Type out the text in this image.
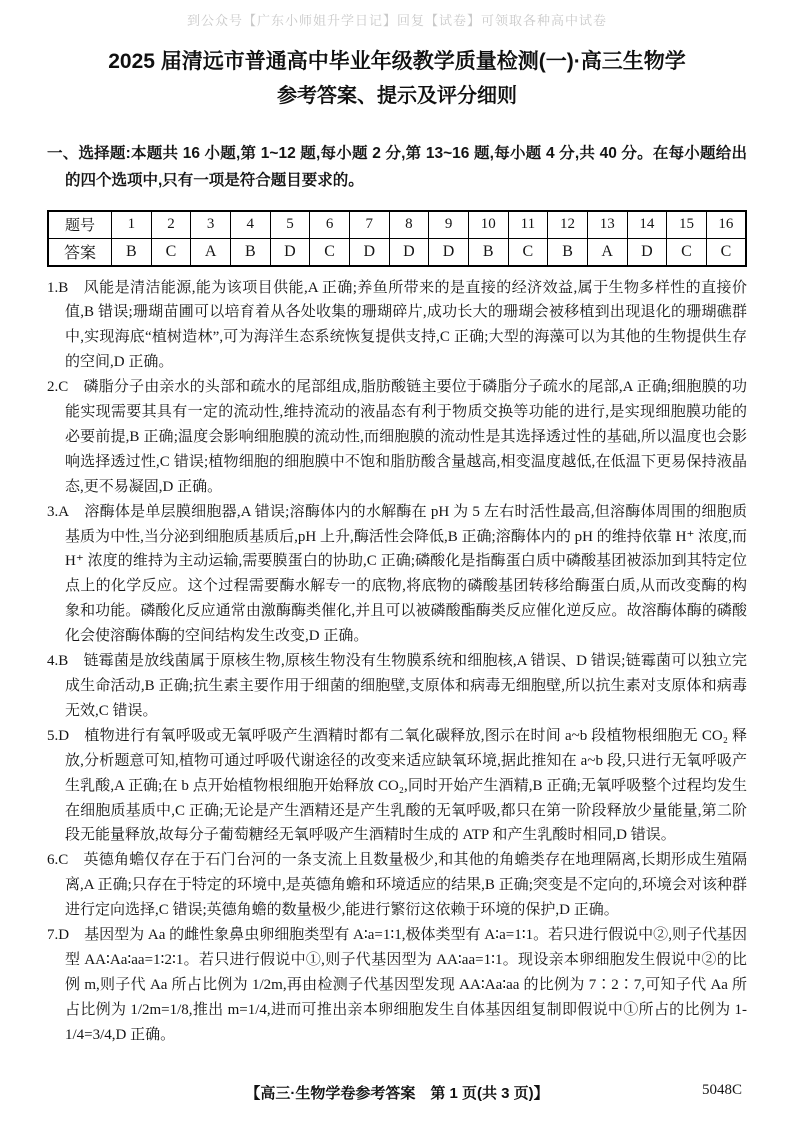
到公众号【广东小师姐升学日记】回复【试卷】可领取各种高中试卷
2025 届清远市普通高中毕业年级教学质量检测(一)·高三生物学
参考答案、提示及评分细则

一、选择题:本题共 16 小题,第 1~12 题,每小题 2 分,第 13~16 题,每小题 4 分,共 40 分。在每小题给出的四个选项中,只有一项是符合题目要求的。

题号	1	2	3	4	5	6	7	8	9	10	11	12	13	14	15	16
答案	B	C	A	B	D	C	D	D	D	B	C	B	A	D	C	C

1.B 风能是清洁能源,能为该项目供能,A 正确;养鱼所带来的是直接的经济效益,属于生物多样性的直接价值,B 错误;珊瑚苗圃可以培育着从各处收集的珊瑚碎片,成功长大的珊瑚会被移植到出现退化的珊瑚礁群中,实现海底“植树造林”,可为海洋生态系统恢复提供支持,C 正确;大型的海藻可以为其他的生物提供生存的空间,D 正确。

2.C 磷脂分子由亲水的头部和疏水的尾部组成,脂肪酸链主要位于磷脂分子疏水的尾部,A 正确;细胞膜的功能实现需要其具有一定的流动性,维持流动的液晶态有利于物质交换等功能的进行,是实现细胞膜功能的必要前提,B 正确;温度会影响细胞膜的流动性,而细胞膜的流动性是其选择透过性的基础,所以温度也会影响选择透过性,C 错误;植物细胞的细胞膜中不饱和脂肪酸含量越高,相变温度越低,在低温下更易保持液晶态,更不易凝固,D 正确。

3.A 溶酶体是单层膜细胞器,A 错误;溶酶体内的水解酶在 pH 为 5 左右时活性最高,但溶酶体周围的细胞质基质为中性,当分泌到细胞质基质后,pH 上升,酶活性会降低,B 正确;溶酶体内的 pH 的维持依靠 H⁺ 浓度,而 H⁺ 浓度的维持为主动运输,需要膜蛋白的协助,C 正确;磷酸化是指酶蛋白质中磷酸基团被添加到其特定位点上的化学反应。这个过程需要酶水解专一的底物,将底物的磷酸基团转移给酶蛋白质,从而改变酶的构象和功能。磷酸化反应通常由激酶酶类催化,并且可以被磷酸酯酶类反应催化逆反应。故溶酶体酶的磷酸化会使溶酶体酶的空间结构发生改变,D 正确。

4.B 链霉菌是放线菌属于原核生物,原核生物没有生物膜系统和细胞核,A 错误、D 错误;链霉菌可以独立完成生命活动,B 正确;抗生素主要作用于细菌的细胞壁,支原体和病毒无细胞壁,所以抗生素对支原体和病毒无效,C 错误。

5.D 植物进行有氧呼吸或无氧呼吸产生酒精时都有二氧化碳释放,图示在时间 a~b 段植物根细胞无 CO₂ 释放,分析题意可知,植物可通过呼吸代谢途径的改变来适应缺氧环境,据此推知在 a~b 段,只进行无氧呼吸产生乳酸,A 正确;在 b 点开始植物根细胞开始释放 CO₂,同时开始产生酒精,B 正确;无氧呼吸整个过程均发生在细胞质基质中,C 正确;无论是产生酒精还是产生乳酸的无氧呼吸,都只在第一阶段释放少量能量,第二阶段无能量释放,故每分子葡萄糖经无氧呼吸产生酒精时生成的 ATP 和产生乳酸时相同,D 错误。

6.C 英德角蟾仅存在于石门台河的一条支流上且数量极少,和其他的角蟾类存在地理隔离,长期形成生殖隔离,A 正确;只存在于特定的环境中,是英德角蟾和环境适应的结果,B 正确;突变是不定向的,环境会对该种群进行定向选择,C 错误;英德角蟾的数量极少,能进行繁衍这依赖于环境的保护,D 正确。

7.D 基因型为 Aa 的雌性象鼻虫卵细胞类型有 A∶a=1∶1,极体类型有 A∶a=1∶1。若只进行假说中②,则子代基因型 AA∶Aa∶aa=1∶2∶1。若只进行假说中①,则子代基因型为 AA∶aa=1∶1。现设亲本卵细胞发生假说中②的比例 m,则子代 Aa 所占比例为 1/2m,再由检测子代基因型发现 AA∶Aa∶aa 的比例为 7∶2∶7,可知子代 Aa 所占比例为 1/2m=1/8,推出 m=1/4,进而可推出亲本卵细胞发生自体基因组复制即假说中①所占的比例为 1-1/4=3/4,D 正确。

【高三·生物学卷参考答案　第 1 页(共 3 页)】	5048C
